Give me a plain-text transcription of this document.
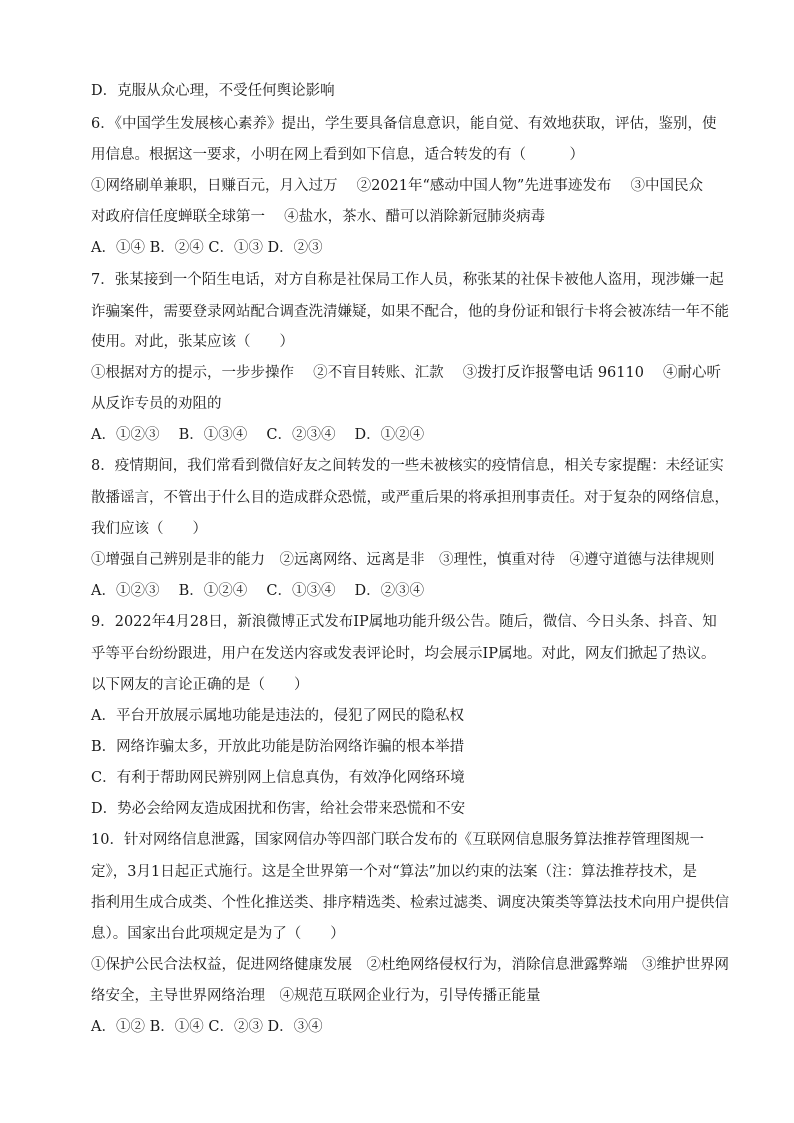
D．克服从众心理，不受任何舆论影响
6．《中国学生发展核心素养》提出，学生要具备信息意识，能自觉、有效地获取，评估，鉴别，使
用信息。根据这一要求，小明在网上看到如下信息，适合转发的有（　　　）
①网络刷单兼职，日赚百元，月入过万　 ②2021年“感动中国人物”先进事迹发布　 ③中国民众
对政府信任度蝉联全球第一　 ④盐水，茶水、醋可以消除新冠肺炎病毒
A．①④ B．②④ C．①③ D．②③
7．张某接到一个陌生电话，对方自称是社保局工作人员，称张某的社保卡被他人盗用，现涉嫌一起
诈骗案件，需要登录网站配合调查洗清嫌疑，如果不配合，他的身份证和银行卡将会被冻结一年不能
使用。对此，张某应该（　　）
①根据对方的提示，一步步操作　 ②不盲目转账、汇款　 ③拨打反诈报警电话 96110　 ④耐心听
从反诈专员的劝阻的
A．①②③　 B．①③④　 C．②③④　 D．①②④
8．疫情期间，我们常看到微信好友之间转发的一些未被核实的疫情信息，相关专家提醒：未经证实
散播谣言，不管出于什么目的造成群众恐慌，或严重后果的将承担刑事责任。对于复杂的网络信息，
我们应该（　　）
①增强自己辨别是非的能力　②远离网络、远离是非　③理性，慎重对待　④遵守道德与法律规则
A．①②③　 B．①②④　 C．①③④　 D．②③④
9．2022年4月28日，新浪微博正式发布IP属地功能升级公告。随后，微信、今日头条、抖音、知
乎等平台纷纷跟进，用户在发送内容或发表评论时，均会展示IP属地。对此，网友们掀起了热议。
以下网友的言论正确的是（　　）
A．平台开放展示属地功能是违法的，侵犯了网民的隐私权
B．网络诈骗太多，开放此功能是防治网络诈骗的根本举措
C．有利于帮助网民辨别网上信息真伪，有效净化网络环境
D．势必会给网友造成困扰和伤害，给社会带来恐慌和不安
10．针对网络信息泄露，国家网信办等四部门联合发布的《互联网信息服务算法推荐管理图规一
定》，3月1日起正式施行。这是全世界第一个对“算法”加以约束的法案（注：算法推荐技术，是
指利用生成合成类、个性化推送类、排序精选类、检索过滤类、调度决策类等算法技术向用户提供信
息）。国家出台此项规定是为了（　　）
①保护公民合法权益，促进网络健康发展　②杜绝网络侵权行为，消除信息泄露弊端　③维护世界网
络安全，主导世界网络治理　④规范互联网企业行为，引导传播正能量
A．①② B．①④ C．②③ D．③④
